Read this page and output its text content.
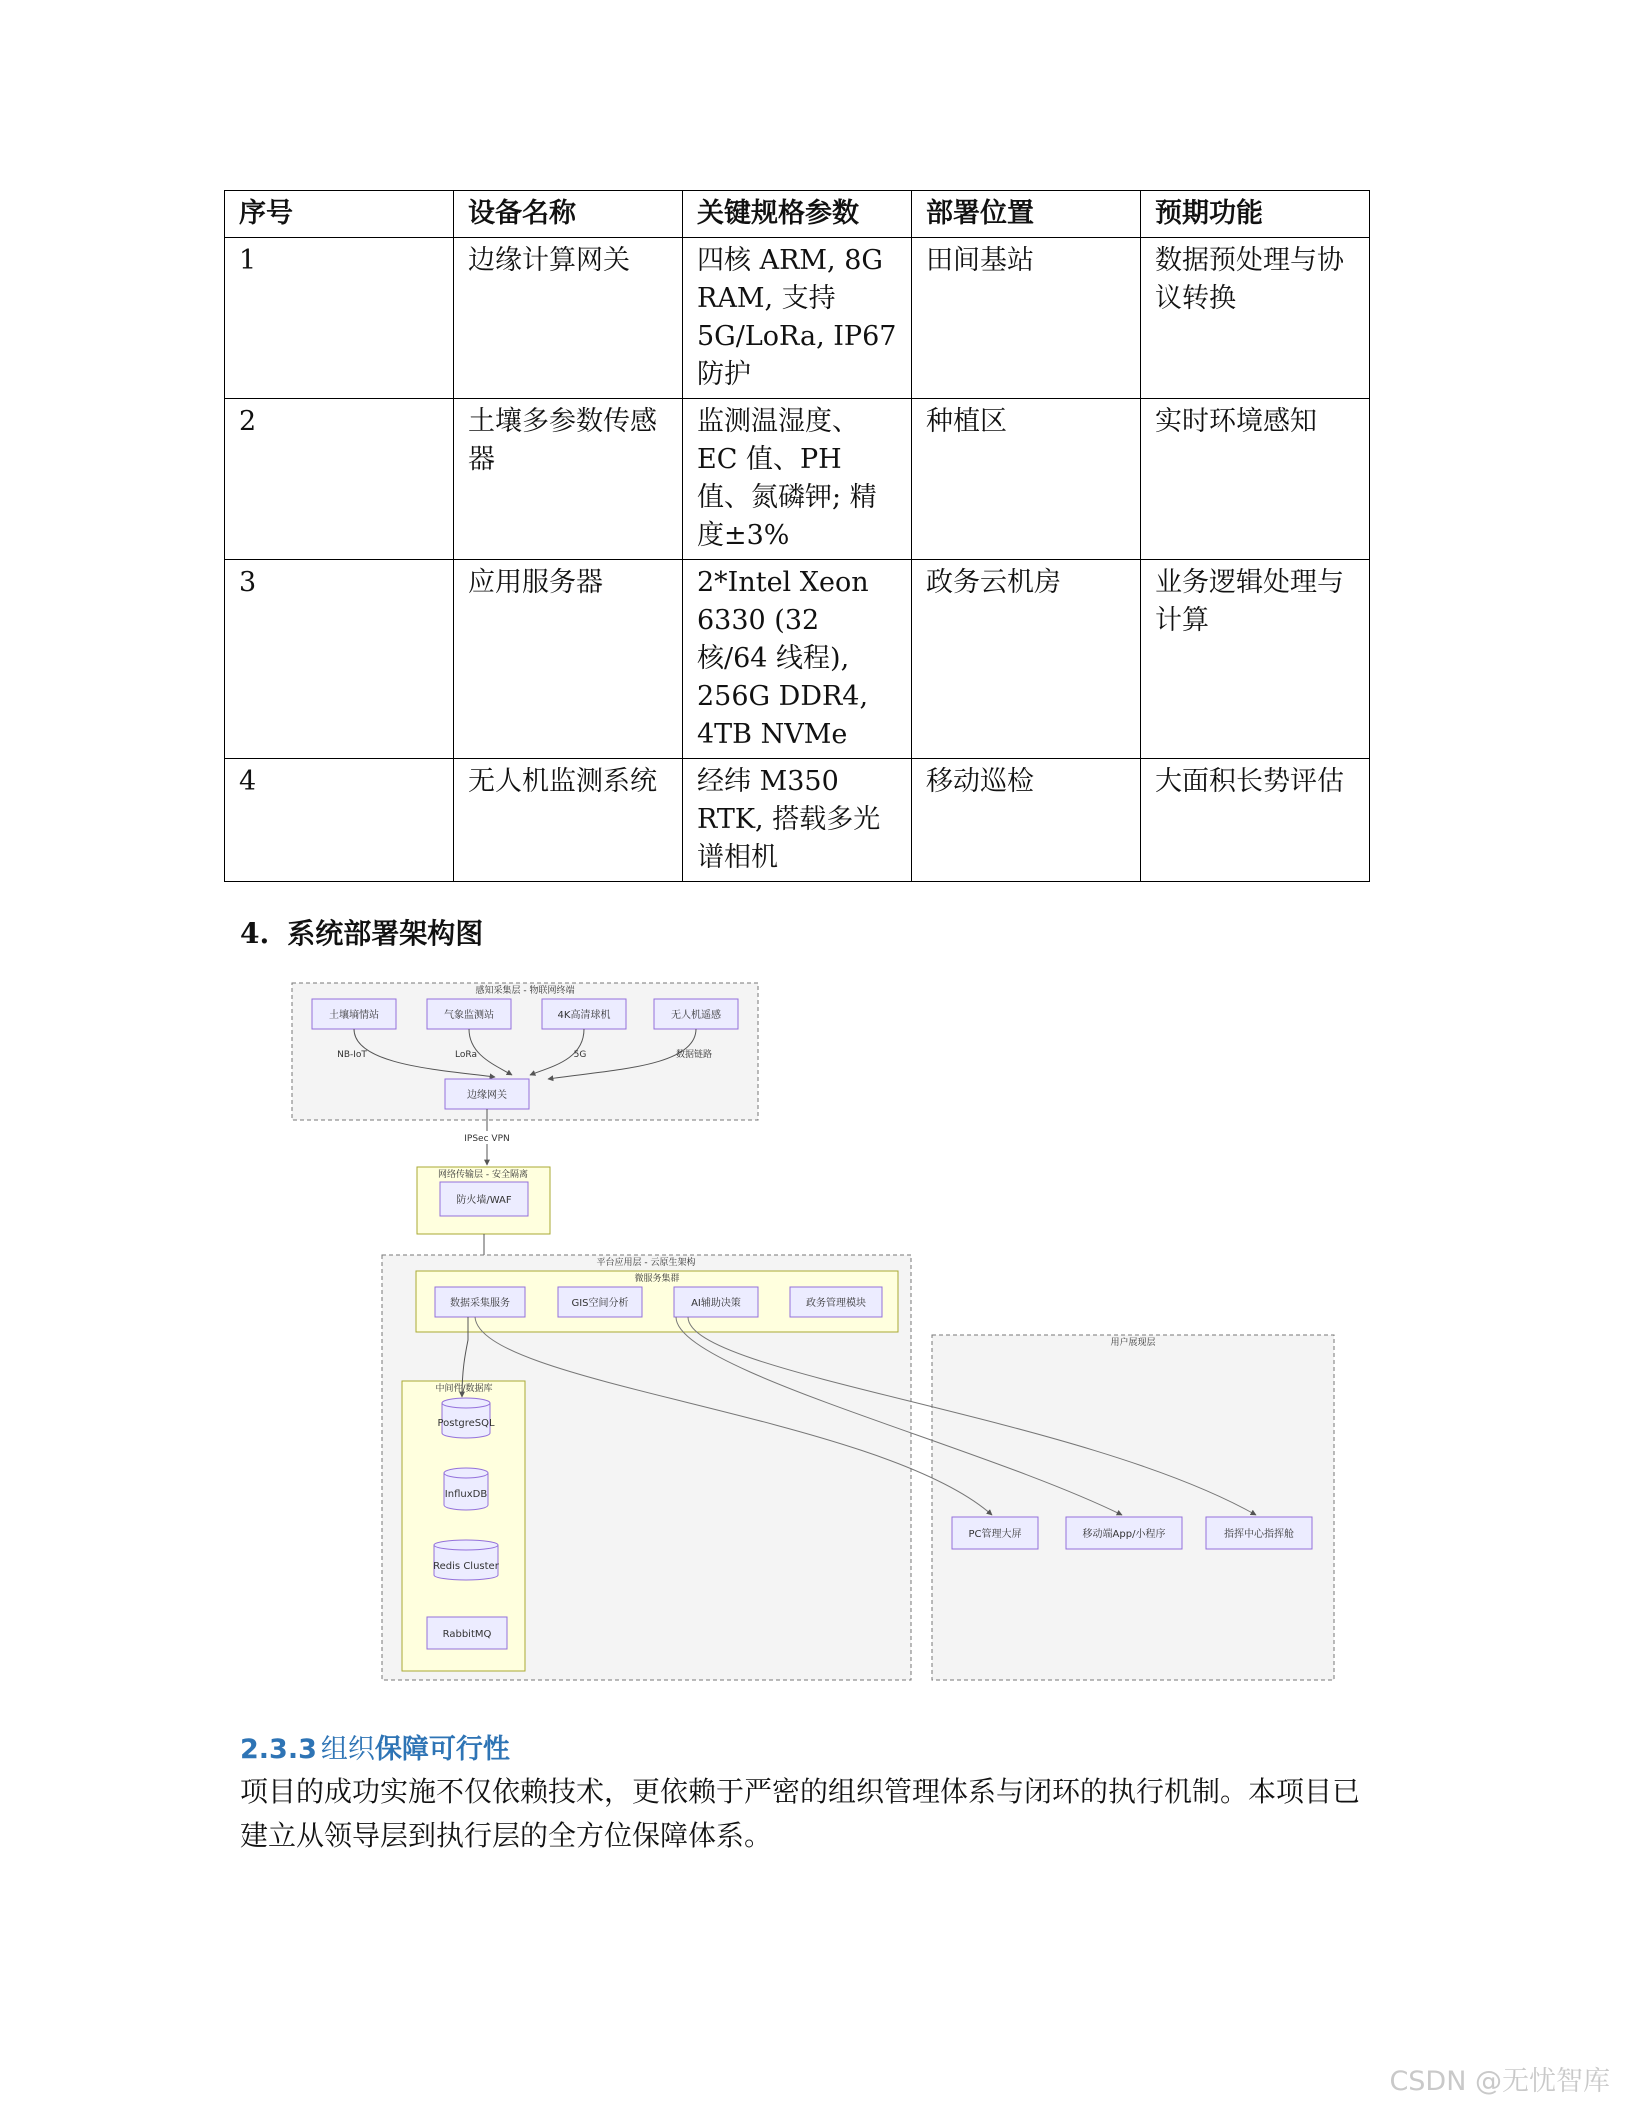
序号	设备名称	关键规格参数	部署位置	预期功能
1	边缘计算网关	四核 ARM, 8G RAM, 支持 5G/LoRa, IP67 防护	田间基站	数据预处理与协议转换
2	土壤多参数传感器	监测温湿度、EC 值、PH 值、氮磷钾; 精度±3%	种植区	实时环境感知
3	应用服务器	2*Intel Xeon 6330 (32 核/64 线程), 256G DDR4, 4TB NVMe	政务云机房	业务逻辑处理与计算
4	无人机监测系统	经纬 M350 RTK, 搭载多光谱相机	移动巡检	大面积长势评估
4. 系统部署架构图
感知采集层 - 物联网终端
土壤墒情站	气象监测站	4K高清球机	无人机遥感
NB-IoT	LoRa	5G	数据链路
边缘网关
IPSec VPN
网络传输层 - 安全隔离
防火墙/WAF
平台应用层 - 云原生架构
微服务集群
数据采集服务	GIS空间分析	AI辅助决策	政务管理模块
中间件/数据库
PostgreSQL
InfluxDB
Redis Cluster
RabbitMQ
用户展现层
PC管理大屏	移动端App/小程序	指挥中心指挥舱
2.3.3 组织保障可行性
项目的成功实施不仅依赖技术，更依赖于严密的组织管理体系与闭环的执行机制。本项目已建立从领导层到执行层的全方位保障体系。
CSDN @无忧智库
